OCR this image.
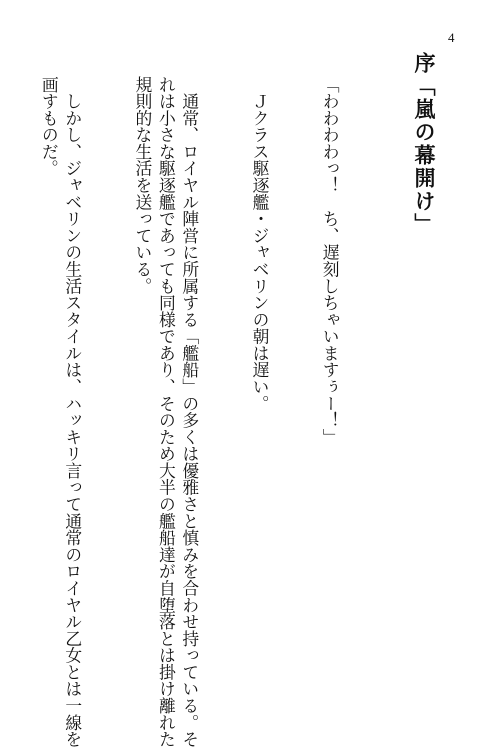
4
序「嵐の幕開け」

「わわわわっ！　ち、遅刻しちゃいますぅー！」

　Ｊクラス駆逐艦・ジャベリンの朝は遅い。

　通常、ロイヤル陣営に所属する「艦船」の多くは優雅さと慎みを合わせ持っている。そ
れは小さな駆逐艦であっても同様であり、そのため大半の艦船達が自堕落とは掛け離れた
規則的な生活を送っている。

　しかし、ジャベリンの生活スタイルは、ハッキリ言って通常のロイヤル乙女とは一線を
画すものだ。
